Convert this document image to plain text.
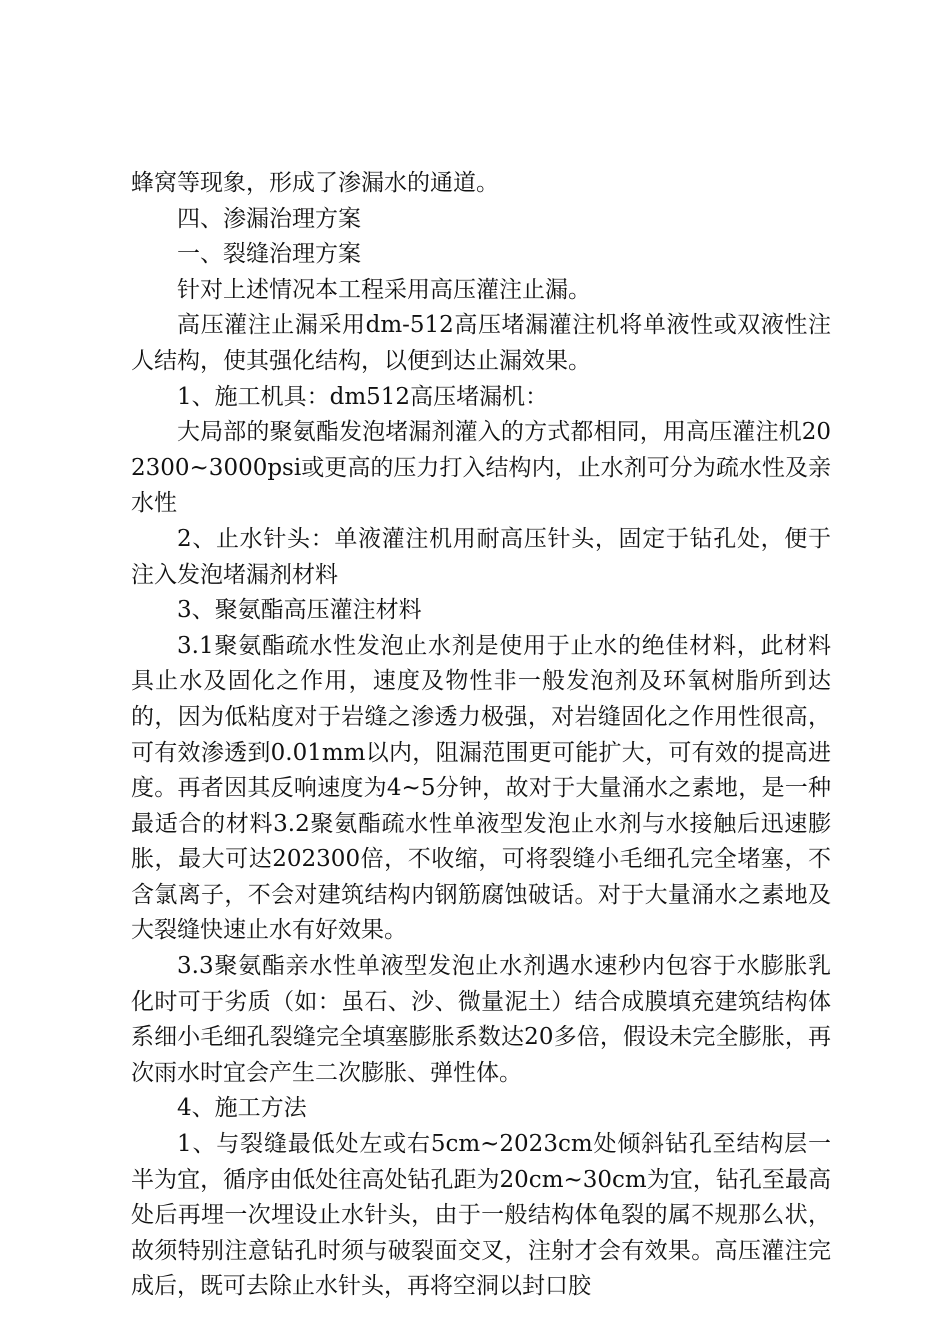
蜂窝等现象，形成了渗漏水的通道。

四、渗漏治理方案

一、裂缝治理方案

针对上述情况本工程采用高压灌注止漏。

高压灌注止漏采用dm-512高压堵漏灌注机将单液性或双液性注人结构，使其强化结构，以便到达止漏效果。

1、施工机具：dm512高压堵漏机：

大局部的聚氨酯发泡堵漏剂灌入的方式都相同，用高压灌注机202300~3000psi或更高的压力打入结构内，止水剂可分为疏水性及亲水性

2、止水针头：单液灌注机用耐高压针头，固定于钻孔处，便于注入发泡堵漏剂材料

3、聚氨酯高压灌注材料

3.1聚氨酯疏水性发泡止水剂是使用于止水的绝佳材料，此材料具止水及固化之作用，速度及物性非一般发泡剂及环氧树脂所到达的，因为低粘度对于岩缝之渗透力极强，对岩缝固化之作用性很高，可有效渗透到0.01mm以内，阻漏范围更可能扩大，可有效的提高进度。再者因其反响速度为4~5分钟，故对于大量涌水之素地，是一种最适合的材料3.2聚氨酯疏水性单液型发泡止水剂与水接触后迅速膨胀，最大可达202300倍，不收缩，可将裂缝小毛细孔完全堵塞，不含氯离子，不会对建筑结构内钢筋腐蚀破话。对于大量涌水之素地及大裂缝快速止水有好效果。

3.3聚氨酯亲水性单液型发泡止水剂遇水速秒内包容于水膨胀乳化时可于劣质（如：虽石、沙、微量泥土）结合成膜填充建筑结构体系细小毛细孔裂缝完全填塞膨胀系数达20多倍，假设未完全膨胀，再次雨水时宜会产生二次膨胀、弹性体。

4、施工方法

1、与裂缝最低处左或右5cm~2023cm处倾斜钻孔至结构层一半为宜，循序由低处往高处钻孔距为20cm~30cm为宜，钻孔至最高处后再埋一次埋设止水针头，由于一般结构体龟裂的属不规那么状，故须特别注意钻孔时须与破裂面交叉，注射才会有效果。高压灌注完成后，既可去除止水针头，再将空洞以封口胶
